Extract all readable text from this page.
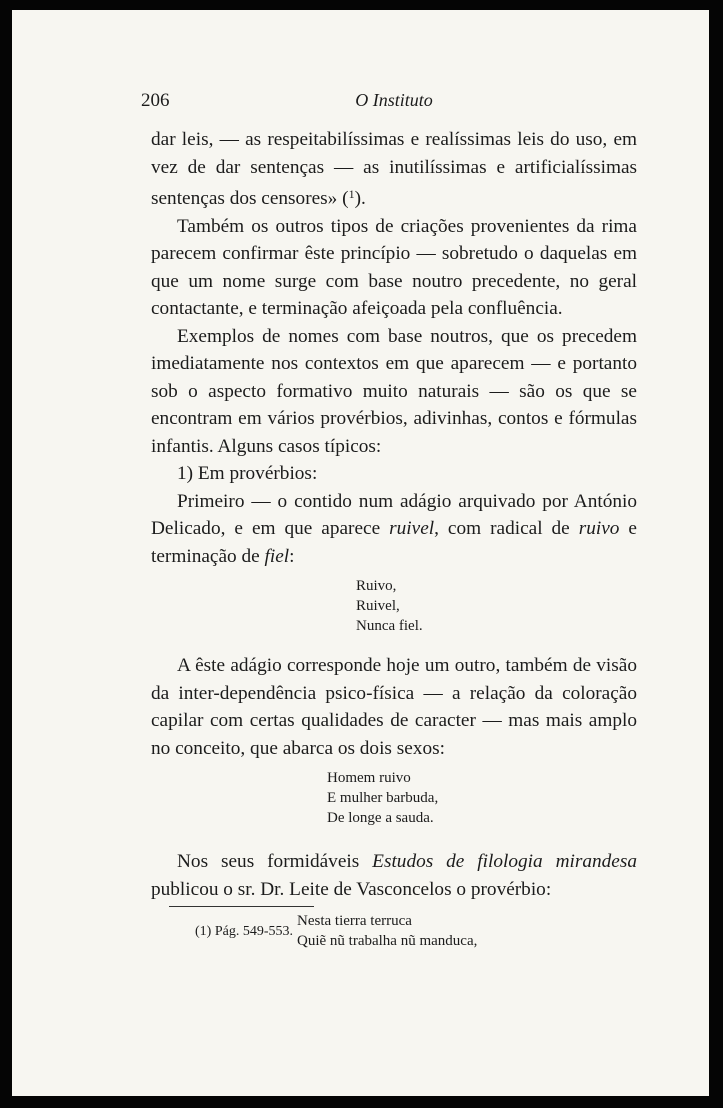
206	O Instituto

dar leis, — as respeitabilíssimas e realíssimas leis do uso, em vez de dar sentenças — as inutilíssimas e artificialíssimas sentenças dos censores» ($^1$).

Também os outros tipos de criações provenientes da rima parecem confirmar êste princípio — sobretudo o daquelas em que um nome surge com base noutro precedente, no geral contactante, e terminação afeiçoada pela confluência.

Exemplos de nomes com base noutros, que os precedem imediatamente nos contextos em que aparecem — e portanto sob o aspecto formativo muito naturais — são os que se encontram em vários provérbios, adivinhas, contos e fórmulas infantis. Alguns casos típicos:

1) Em provérbios:

Primeiro — o contido num adágio arquivado por António Delicado, e em que aparece ruivel, com radical de ruivo e terminação de fiel:

Ruivo,
Ruivel,
Nunca fiel.

A êste adágio corresponde hoje um outro, também de visão da inter-dependência psico-física — a relação da coloração capilar com certas qualidades de caracter — mas mais amplo no conceito, que abarca os dois sexos:

Homem ruivo
E mulher barbuda,
De longe a sauda.

Nos seus formidáveis Estudos de filologia mirandesa publicou o sr. Dr. Leite de Vasconcelos o provérbio:

Nesta tierra terruca
Quiẽ nũ trabalha nũ manduca,
(1) Pág. 549-553.
